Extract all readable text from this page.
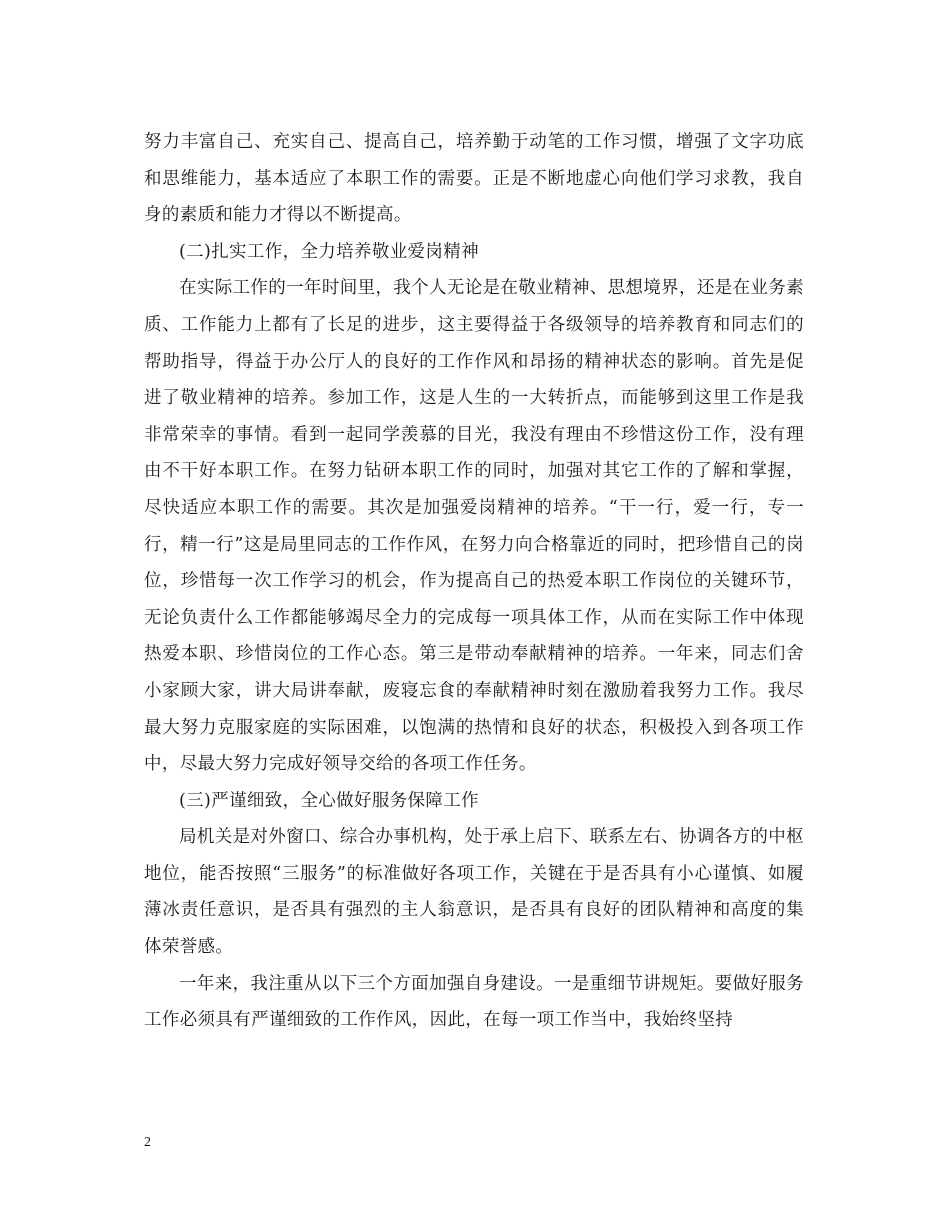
努力丰富自己、充实自己、提高自己，培养勤于动笔的工作习惯，增强了文字功底和思维能力，基本适应了本职工作的需要。正是不断地虚心向他们学习求教，我自身的素质和能力才得以不断提高。

(二)扎实工作，全力培养敬业爱岗精神

在实际工作的一年时间里，我个人无论是在敬业精神、思想境界，还是在业务素质、工作能力上都有了长足的进步，这主要得益于各级领导的培养教育和同志们的帮助指导，得益于办公厅人的良好的工作作风和昂扬的精神状态的影响。首先是促进了敬业精神的培养。参加工作，这是人生的一大转折点，而能够到这里工作是我非常荣幸的事情。看到一起同学羡慕的目光，我没有理由不珍惜这份工作，没有理由不干好本职工作。在努力钻研本职工作的同时，加强对其它工作的了解和掌握，尽快适应本职工作的需要。其次是加强爱岗精神的培养。“干一行，爱一行，专一行，精一行”这是局里同志的工作作风，在努力向合格靠近的同时，把珍惜自己的岗位，珍惜每一次工作学习的机会，作为提高自己的热爱本职工作岗位的关键环节，无论负责什么工作都能够竭尽全力的完成每一项具体工作，从而在实际工作中体现热爱本职、珍惜岗位的工作心态。第三是带动奉献精神的培养。一年来，同志们舍小家顾大家，讲大局讲奉献，废寝忘食的奉献精神时刻在激励着我努力工作。我尽最大努力克服家庭的实际困难，以饱满的热情和良好的状态，积极投入到各项工作中，尽最大努力完成好领导交给的各项工作任务。

(三)严谨细致，全心做好服务保障工作

局机关是对外窗口、综合办事机构，处于承上启下、联系左右、协调各方的中枢地位，能否按照“三服务”的标准做好各项工作，关键在于是否具有小心谨慎、如履薄冰责任意识，是否具有强烈的主人翁意识，是否具有良好的团队精神和高度的集体荣誉感。

一年来，我注重从以下三个方面加强自身建设。一是重细节讲规矩。要做好服务工作必须具有严谨细致的工作作风，因此，在每一项工作当中，我始终坚持

2
